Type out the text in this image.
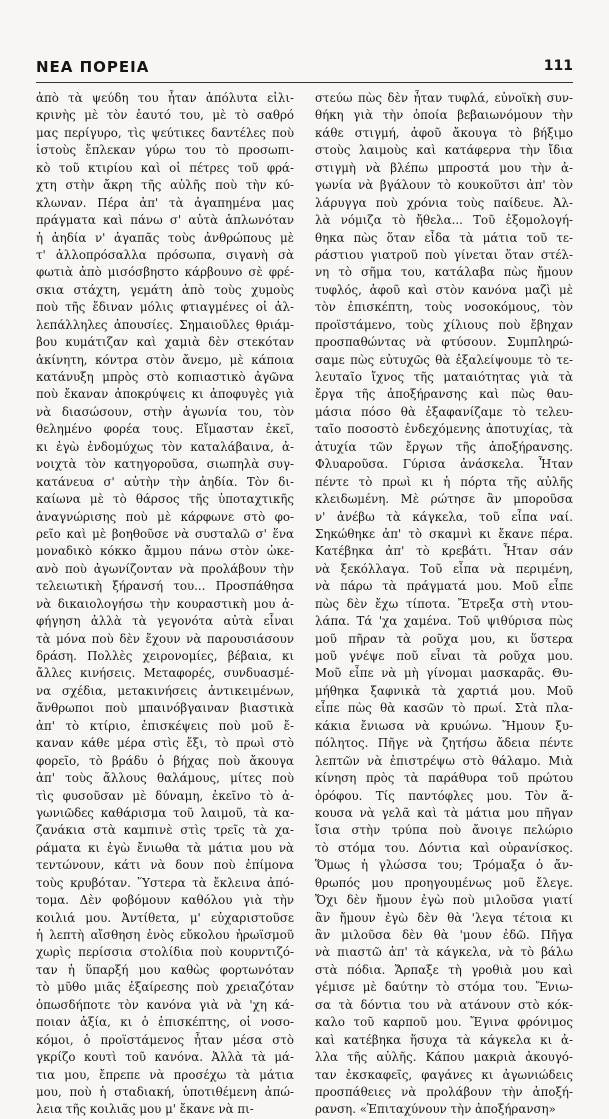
ΝΕΑ ΠΟΡΕΙΑ	111
ἀπὸ τὰ ψεύδη του ἦταν ἀπόλυτα εἰλι-
κρινὴς μὲ τὸν ἑαυτό του, μὲ τὸ σαθρό
μας περίγυρο, τὶς ψεύτικες δαντέλες ποὺ
ἱστοὺς ἔπλεκαν γύρω του τὸ προσωπι-
κὸ τοῦ κτιρίου καὶ οἱ πέτρες τοῦ φρά-
χτη στὴν ἄκρη τῆς αὐλῆς ποὺ τὴν κύ-
κλωναν. Πέρα ἀπ' τὰ ἀγαπημένα μας
πράγματα καὶ πάνω σ' αὐτὰ ἁπλωνόταν
ἡ ἀηδία ν' ἀγαπᾶς τοὺς ἀνθρώπους μὲ
τ' ἀλλοπρόσαλλα πρόσωπα, σιγανὴ σὰ
φωτιὰ ἀπὸ μισόσβηστο κάρβουνο σὲ φρέ-
σκια στάχτη, γεμάτη ἀπὸ τοὺς χυμοὺς
ποὺ τῆς ἔδιναν μόλις φτιαγμένες οἱ ἀλ-
λεπάλληλες ἀπουσίες. Σημαιοῦλες θριάμ-
βου κυμάτιζαν καὶ χαμιὰ δὲν στεκόταν
ἀκίνητη, κόντρα στὸν ἄνεμο, μὲ κάποια
κατάνυξη μπρὸς στὸ κοπιαστικὸ ἀγῶνα
ποὺ ἔκαναν ἀποκρύψεις κι ἀποφυγὲς γιὰ
νὰ διασώσουν, στὴν ἀγωνία του, τὸν
θελημένο φορέα τους. Εἴμασταν ἐκεῖ,
κι ἐγὼ ἐνδομύχως τὸν καταλάβαινα, ἀ-
νοιχτὰ τὸν κατηγοροῦσα, σιωπηλὰ συγ-
κατάνευα σ' αὐτὴν τὴν ἀηδία. Τὸν δι-
καίωνα μὲ τὸ θάρσος τῆς ὑποταχτικῆς
ἀναγνώρισης ποὺ μὲ κάρφωνε στὸ φο-
ρεῖο καὶ μὲ βοηθοῦσε νὰ συσταλῶ σ' ἕνα
μοναδικὸ κόκκο ἄμμου πάνω στὸν ὠκε-
ανὸ ποὺ ἀγωνίζονταν νὰ προλάβουν τὴν
τελειωτικὴ ξήρανσή του... Προσπάθησα
νὰ δικαιολογήσω τὴν κουραστικὴ μου ἀ-
φήγηση ἀλλὰ τὰ γεγονότα αὐτὰ εἶναι
τὰ μόνα ποὺ δὲν ἔχουν νὰ παρουσιάσουν
δράση. Πολλὲς χειρονομίες, βέβαια, κι
ἄλλες κινήσεις. Μεταφορές, συνδυασμέ-
να σχέδια, μετακινήσεις ἀντικειμένων,
ἄνθρωποι ποὺ μπαινόβγαιναν βιαστικὰ
ἀπ' τὸ κτίριο, ἐπισκέψεις ποὺ μοῦ ἔ-
καναν κάθε μέρα στὶς ἔξι, τὸ πρωὶ στὸ
φορεῖο, τὸ βράδυ ὁ βήχας ποὺ ἄκουγα
ἀπ' τοὺς ἄλλους θαλάμους, μίτες ποὺ
τὶς φυσοῦσαν μὲ δύναμη, ἐκεῖνο τὸ ἀ-
γωνιῶδες καθάρισμα τοῦ λαιμοῦ, τὰ κα-
ζανάκια στὰ καμπινὲ στὶς τρεῖς τὰ χα-
ράματα κι ἐγὼ ἔνιωθα τὰ μάτια μου νὰ
τεντώνουν, κάτι νὰ δουν ποὺ ἐπίμονα
τοὺς κρυβόταν. Ὕστερα τὰ ἔκλεινα ἀπό-
τομα. Δὲν φοβόμουν καθόλου γιὰ τὴν
κοιλιά μου. Ἀντίθετα, μ' εὐχαριστοῦσε
ἡ λεπτὴ αἴσθηση ἑνὸς εὔκολου ἡρωϊσμοῦ
χωρὶς περίσσια στολίδια ποὺ κουρντιζό-
ταν ἡ ὕπαρξή μου καθὼς φορτωνόταν
τὸ μῦθο μιᾶς ἐξαίρεσης ποὺ χρειαζόταν
ὁπωσδήποτε τὸν κανόνα γιὰ νὰ 'χη κά-
ποιαν ἀξία, κι ὁ ἐπισκέπτης, οἱ νοσο-
κόμοι, ὁ προϊστάμενος ἦταν μέσα στὸ
γκρίζο κουτὶ τοῦ κανόνα. Ἀλλὰ τὰ μά-
τια μου, ἔπρεπε νὰ προσέχω τὰ μάτια
μου, ποὺ ἡ σταδιακή, ὑποτιθέμενη ἀπώ-
λεια τῆς κοιλιᾶς μου μ' ἔκανε νὰ πι-
στεύω πὼς δὲν ἦταν τυφλά, εὐνοϊκὴ συν-
θήκη γιὰ τὴν ὁποία βεβαιωνόμουν τὴν
κάθε στιγμή, ἀφοῦ ἄκουγα τὸ βήξιμο
στοὺς λαιμοὺς καὶ κατάφερνα τὴν ἴδια
στιγμὴ νὰ βλέπω μπροστά μου τὴν ἀ-
γωνία νὰ βγάλουν τὸ κουκοῦτσι ἀπ' τὸν
λάρυγγα ποὺ χρόνια τοὺς παίδευε. Ἀλ-
λὰ νόμιζα τὸ ἤθελα... Τοῦ ἐξομολογή-
θηκα πὼς ὅταν εἶδα τὰ μάτια τοῦ τε-
ράστιου γιατροῦ ποὺ γίνεται ὅταν στέλ-
νη τὸ σῆμα του, κατάλαβα πὼς ἤμουν
τυφλός, ἀφοῦ καὶ στὸν κανόνα μαζὶ μὲ
τὸν ἐπισκέπτη, τοὺς νοσοκόμους, τὸν
προϊστάμενο, τοὺς χίλιους ποὺ ἔβηχαν
προσπαθώντας νὰ φτύσουν. Συμπληρώ-
σαμε πὼς εὐτυχῶς θὰ ἐξαλείψουμε τὸ τε-
λευταῖο ἴχνος τῆς ματαιότητας γιὰ τὰ
ἔργα τῆς ἀποξήρανσης καὶ πὼς θαυ-
μάσια πόσο θὰ ἐξαφανίζαμε τὸ τελευ-
ταῖο ποσοστὸ ἐνδεχόμενης ἀποτυχίας, τὰ
ἀτυχία τῶν ἔργων τῆς ἀποξήρανσης.
Φλυαροῦσα. Γύρισα ἀνάσκελα. Ἦταν
πέντε τὸ πρωὶ κι ἡ πόρτα τῆς αὐλῆς
κλειδωμένη. Μὲ ρώτησε ἂν μποροῦσα
ν' ἀνέβω τὰ κάγκελα, τοῦ εἶπα ναί.
Σηκώθηκε ἀπ' τὸ σκαμνὶ κι ἔκανε πέρα.
Κατέβηκα ἀπ' τὸ κρεβάτι. Ἦταν σάν
νὰ ξεκόλλαγα. Τοῦ εἶπα νὰ περιμένη,
νὰ πάρω τὰ πράγματά μου. Μοῦ εἶπε
πὼς δὲν ἔχω τίποτα. Ἔτρεξα στὴ ντου-
λάπα. Τά 'χα χαμένα. Τοῦ ψιθύρισα πὼς
μοῦ πῆραν τὰ ροῦχα μου, κι ὕστερα
μοῦ γνέψε ποῦ εἶναι τὰ ροῦχα μου.
Μοῦ εἶπε νὰ μὴ γίνομαι μασκαρᾶς. Θυ-
μήθηκα ξαφνικὰ τὰ χαρτιά μου. Μοῦ
εἶπε πὼς θὰ κασῶν τὸ πρωί. Στὰ πλα-
κάκια ἔνιωσα νὰ κρυώνω. Ἤμουν ξυ-
πόλητος. Πῆγε νὰ ζητήσω ἄδεια πέντε
λεπτῶν νὰ ἐπιστρέψω στὸ θάλαμο. Μιὰ
κίνηση πρὸς τὰ παράθυρα τοῦ πρώτου
ὀρόφου. Τίς παντόφλες μου. Τὸν ἄ-
κουσα νὰ γελᾶ καὶ τὰ μάτια μου πῆγαν
ἴσια στὴν τρύπα ποὺ ἄνοιγε πελώριο
τὸ στόμα του. Δόντια καὶ οὐρανίσκος.
Ὅμως ἡ γλώσσα του; Τρόμαξα ὁ ἄν-
θρωπός μου προηγουμένως μοῦ ἔλεγε.
Ὄχι δὲν ἤμουν ἐγὼ ποὺ μιλοῦσα γιατί
ἂν ἤμουν ἐγὼ δὲν θὰ 'λεγα τέτοια κι
ἂν μιλοῦσα δὲν θὰ 'μουν ἐδῶ. Πῆγα
νὰ πιαστῶ ἀπ' τὰ κάγκελα, νὰ τὸ βάλω
στὰ πόδια. Ἄρπαξε τὴ γροθιὰ μου καὶ
γέμισε μὲ δαύτην τὸ στόμα του. Ἔνιω-
σα τὰ δόντια του νὰ ατάνουν στὸ κόκ-
καλο τοῦ καρποῦ μου. Ἔγινα φρόνιμος
καὶ κατέβηκα ἥσυχα τὰ κάγκελα κι ἀ-
λλα τῆς αὐλῆς. Κάπου μακριὰ ἀκουγό-
ταν ἐκσκαφεῖς, φαγάνες κι ἀγωνιώδεις
προσπάθειες νὰ προλάβουν τὴν ἀποξή-
ρανση. «Ἐπιταχύνουν τὴν ἀποξήρανση»
